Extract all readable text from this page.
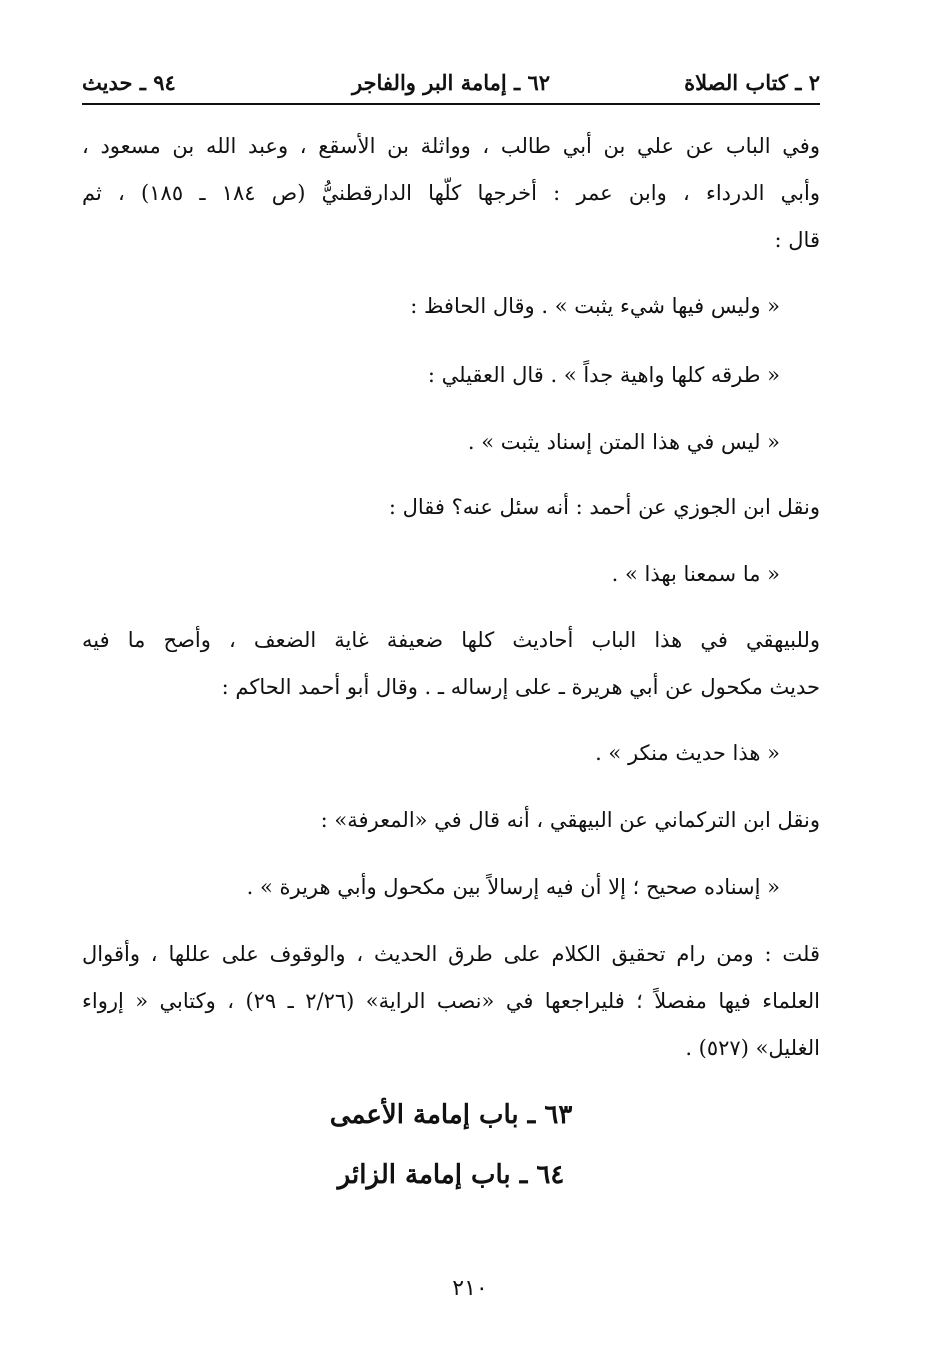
٢ ـ كتاب الصلاة
٦٢ ـ إمامة البر والفاجر
٩٤ ـ حديث
وفي الباب عن علي بن أبي طالب ، وواثلة بن الأسقع ، وعبد الله بن مسعود ،
وأبي الدرداء ، وابن عمر : أخرجها كلّها الدارقطنيُّ (ص ١٨٤ ـ ١٨٥) ، ثم
قال :
« وليس فيها شيء يثبت » . وقال الحافظ :
« طرقه كلها واهية جداً » . قال العقيلي :
« ليس في هذا المتن إسناد يثبت » .
ونقل ابن الجوزي عن أحمد : أنه سئل عنه؟ فقال :
« ما سمعنا بهذا » .
وللبيهقي في هذا الباب أحاديث كلها ضعيفة غاية الضعف ، وأصح ما فيه
حديث مكحول عن أبي هريرة ـ على إرساله ـ . وقال أبو أحمد الحاكم :
« هذا حديث منكر » .
ونقل ابن التركماني عن البيهقي ، أنه قال في «المعرفة» :
« إسناده صحيح ؛ إلا أن فيه إرسالاً بين مكحول وأبي هريرة » .
قلت : ومن رام تحقيق الكلام على طرق الحديث ، والوقوف على عللها ، وأقوال
العلماء فيها مفصلاً ؛ فليراجعها في «نصب الراية» (٢/٢٦ ـ ٢٩) ، وكتابي « إرواء
الغليل» (٥٢٧) .
٦٣ ـ باب إمامة الأعمى
٦٤ ـ باب إمامة الزائر
٢١٠
